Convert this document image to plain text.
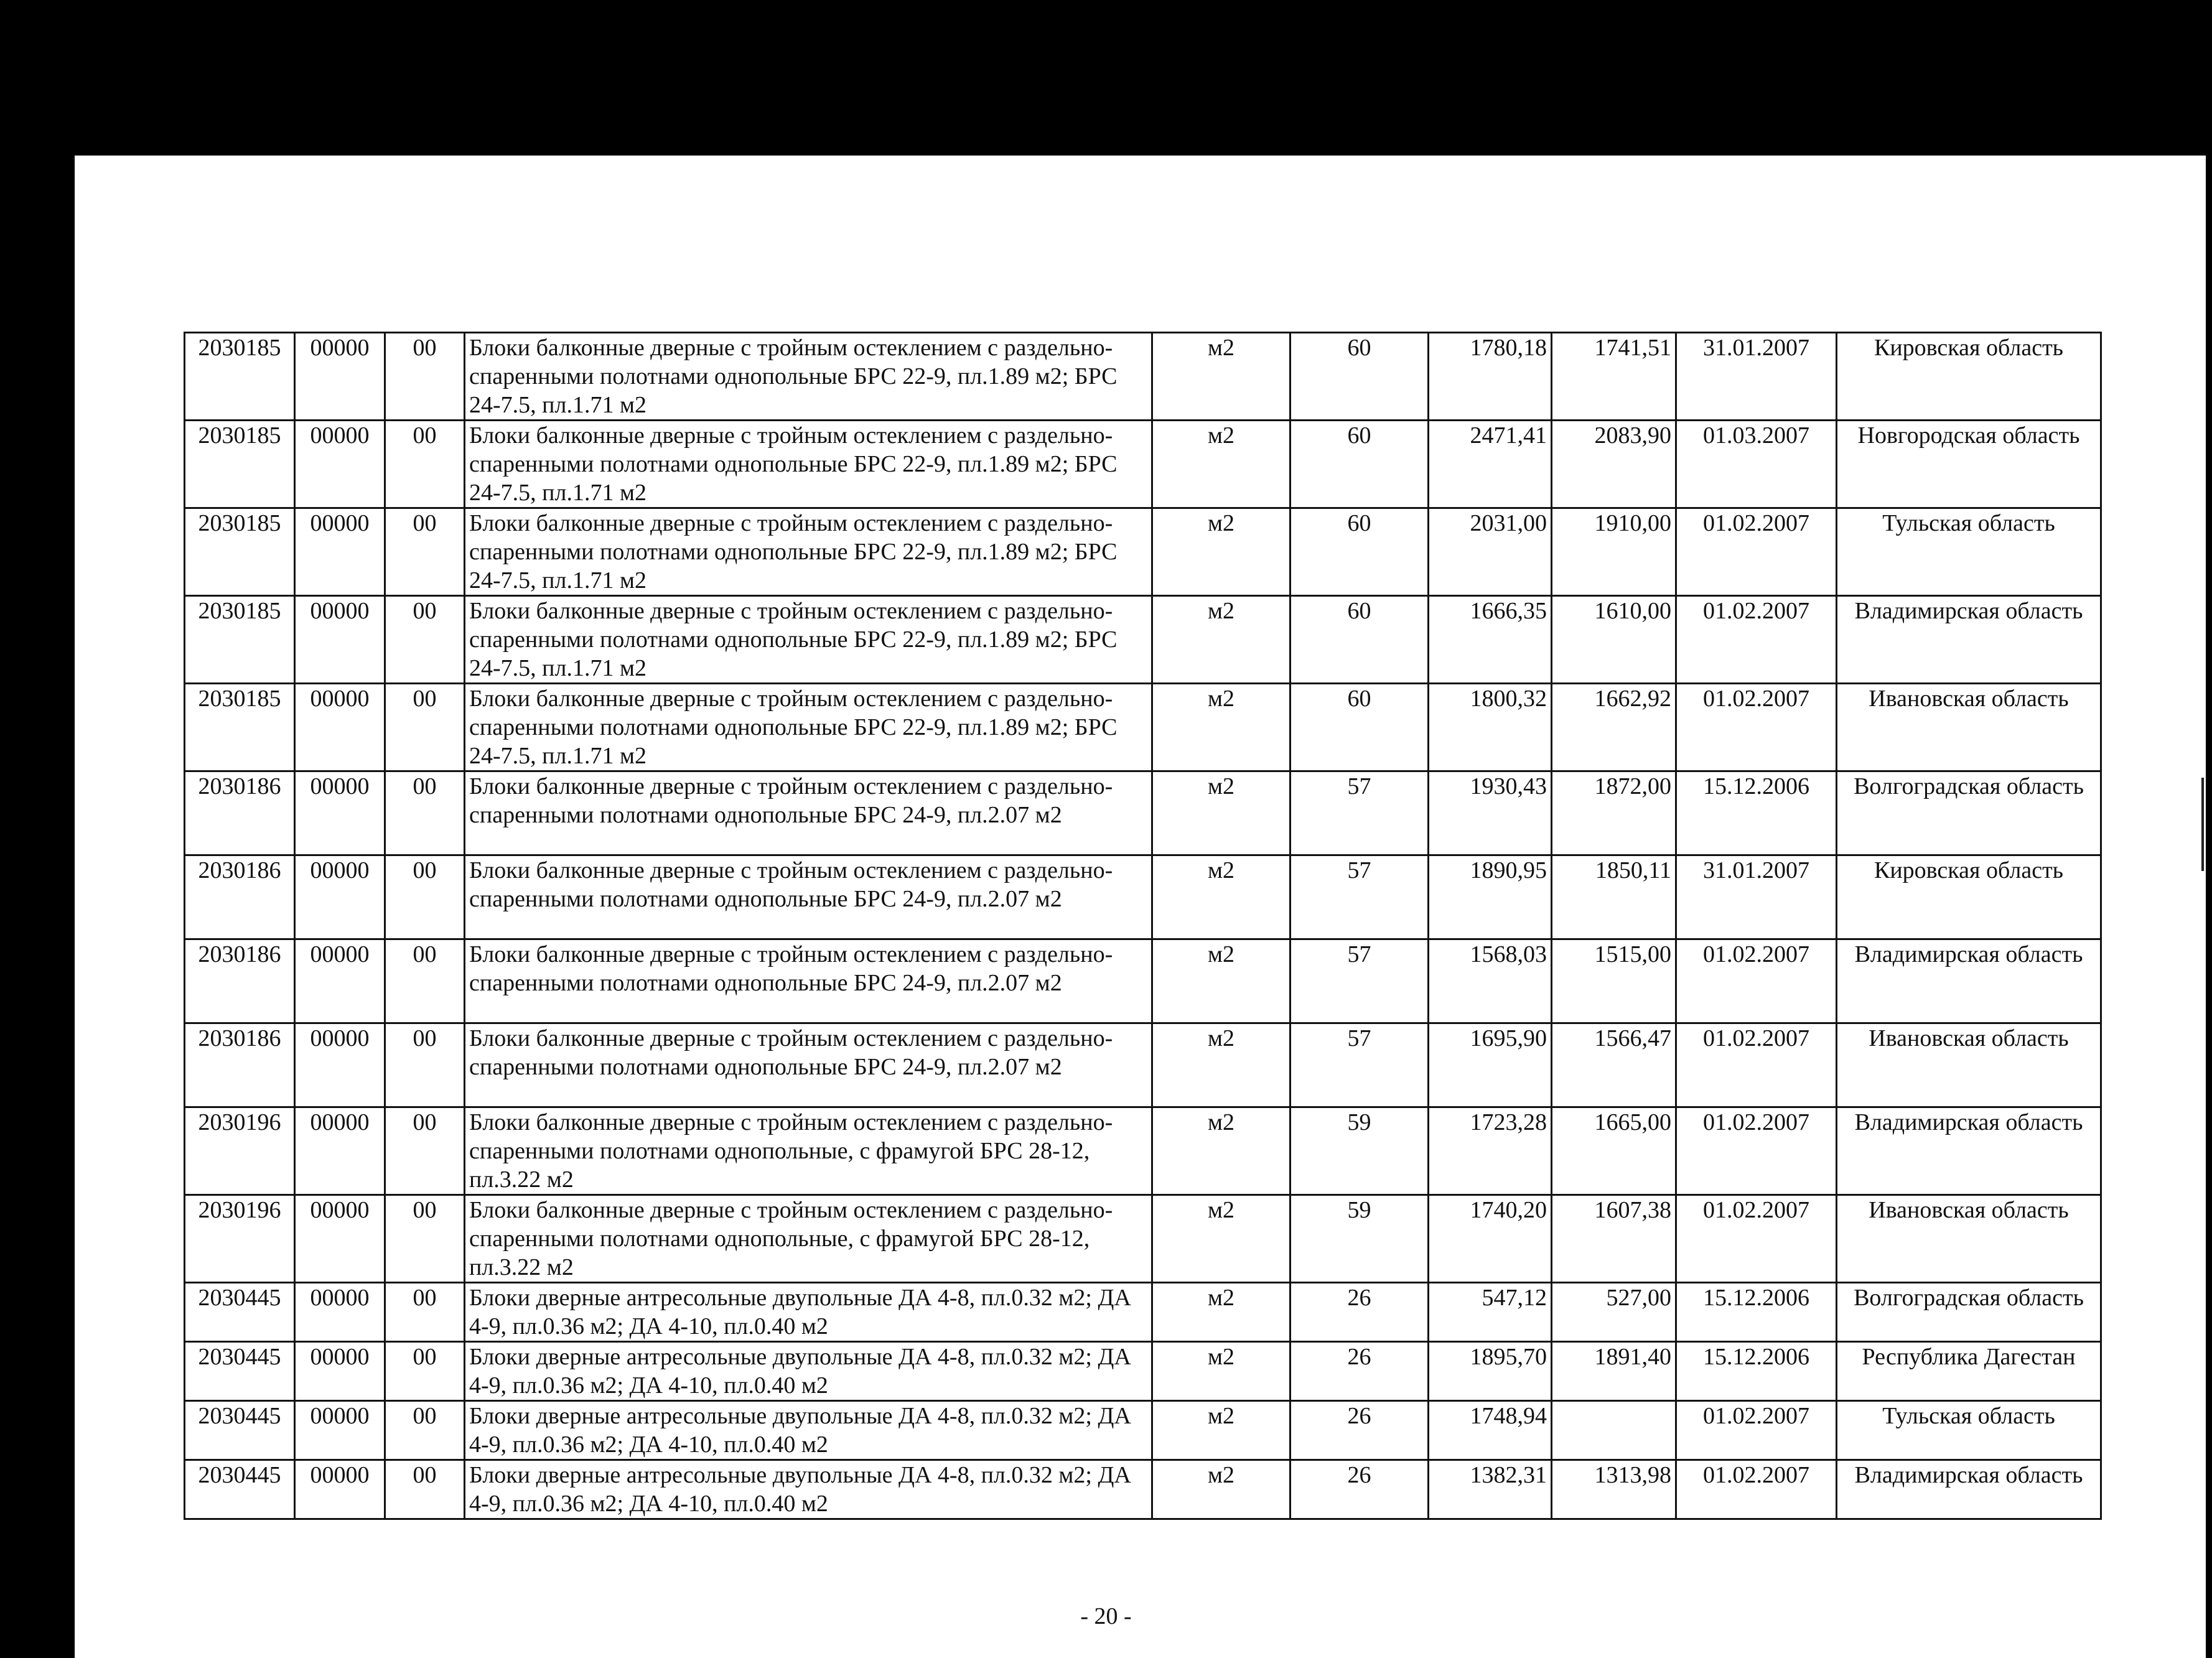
2030185	00000	00	Блоки балконные дверные с тройным остеклением с раздельно-спаренными полотнами однопольные БРС 22-9, пл.1.89 м2; БРС 24-7.5, пл.1.71 м2	м2	60	1780,18	1741,51	31.01.2007	Кировская область
2030185	00000	00	Блоки балконные дверные с тройным остеклением с раздельно-спаренными полотнами однопольные БРС 22-9, пл.1.89 м2; БРС 24-7.5, пл.1.71 м2	м2	60	2471,41	2083,90	01.03.2007	Новгородская область
2030185	00000	00	Блоки балконные дверные с тройным остеклением с раздельно-спаренными полотнами однопольные БРС 22-9, пл.1.89 м2; БРС 24-7.5, пл.1.71 м2	м2	60	2031,00	1910,00	01.02.2007	Тульская область
2030185	00000	00	Блоки балконные дверные с тройным остеклением с раздельно-спаренными полотнами однопольные БРС 22-9, пл.1.89 м2; БРС 24-7.5, пл.1.71 м2	м2	60	1666,35	1610,00	01.02.2007	Владимирская область
2030185	00000	00	Блоки балконные дверные с тройным остеклением с раздельно-спаренными полотнами однопольные БРС 22-9, пл.1.89 м2; БРС 24-7.5, пл.1.71 м2	м2	60	1800,32	1662,92	01.02.2007	Ивановская область
2030186	00000	00	Блоки балконные дверные с тройным остеклением с раздельно-спаренными полотнами однопольные БРС 24-9, пл.2.07 м2	м2	57	1930,43	1872,00	15.12.2006	Волгоградская область
2030186	00000	00	Блоки балконные дверные с тройным остеклением с раздельно-спаренными полотнами однопольные БРС 24-9, пл.2.07 м2	м2	57	1890,95	1850,11	31.01.2007	Кировская область
2030186	00000	00	Блоки балконные дверные с тройным остеклением с раздельно-спаренными полотнами однопольные БРС 24-9, пл.2.07 м2	м2	57	1568,03	1515,00	01.02.2007	Владимирская область
2030186	00000	00	Блоки балконные дверные с тройным остеклением с раздельно-спаренными полотнами однопольные БРС 24-9, пл.2.07 м2	м2	57	1695,90	1566,47	01.02.2007	Ивановская область
2030196	00000	00	Блоки балконные дверные с тройным остеклением с раздельно-спаренными полотнами однопольные, с фрамугой БРС 28-12, пл.3.22 м2	м2	59	1723,28	1665,00	01.02.2007	Владимирская область
2030196	00000	00	Блоки балконные дверные с тройным остеклением с раздельно-спаренными полотнами однопольные, с фрамугой БРС 28-12, пл.3.22 м2	м2	59	1740,20	1607,38	01.02.2007	Ивановская область
2030445	00000	00	Блоки дверные антресольные двупольные ДА 4-8, пл.0.32 м2; ДА 4-9, пл.0.36 м2; ДА 4-10, пл.0.40 м2	м2	26	547,12	527,00	15.12.2006	Волгоградская область
2030445	00000	00	Блоки дверные антресольные двупольные ДА 4-8, пл.0.32 м2; ДА 4-9, пл.0.36 м2; ДА 4-10, пл.0.40 м2	м2	26	1895,70	1891,40	15.12.2006	Республика Дагестан
2030445	00000	00	Блоки дверные антресольные двупольные ДА 4-8, пл.0.32 м2; ДА 4-9, пл.0.36 м2; ДА 4-10, пл.0.40 м2	м2	26	1748,94		01.02.2007	Тульская область
2030445	00000	00	Блоки дверные антресольные двупольные ДА 4-8, пл.0.32 м2; ДА 4-9, пл.0.36 м2; ДА 4-10, пл.0.40 м2	м2	26	1382,31	1313,98	01.02.2007	Владимирская область
- 20 -
